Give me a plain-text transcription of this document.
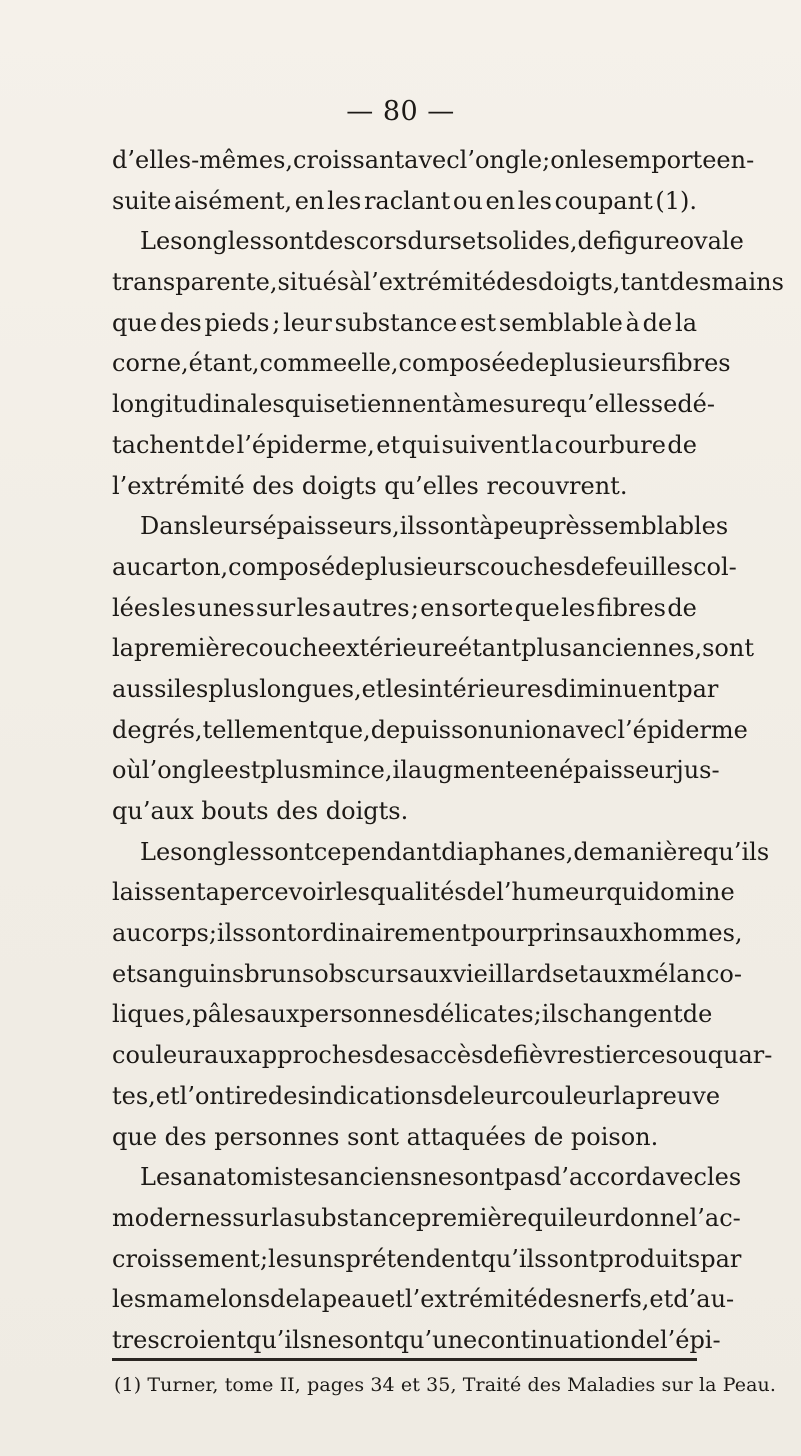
— 80 —
d’elles-mêmes, croissant avec l’ongle ; on les emporte en-
suite aisément, en les raclant ou en les coupant (1).
Les ongles sont des cors durs et solides, de figure ovale
transparente, situés à l’extrémité des doigts, tant des mains
que des pieds ; leur substance est semblable à de la
corne, étant, comme elle, composée de plusieurs fibres
longitudinales qui se tiennent à mesure qu’elles se dé-
tachent de l’épiderme, et qui suivent la courbure de
l’extrémité
des
doigts
qu’elles
recouvrent.
Dans leurs épaisseurs, ils sont à peu près semblables
au carton, composé de plusieurs couches de feuilles col-
lées les unes sur les autres ; en sorte que les fibres de
la première couche extérieure étant plus anciennes, sont
aussi les plus longues, et les intérieures diminuent par
degrés, tellement que, depuis son union avec l’épiderme
où l’ongle est plus mince, il augmente en épaisseur jus-
qu’aux
bouts
des
doigts.
Les ongles sont cependant diaphanes, de manière qu’ils
laissent apercevoir les qualités de l’humeur qui domine
au corps ; ils sont ordinairement pourprins aux hommes,
et sanguins bruns obscurs aux vieillards et aux mélanco-
liques, pâles aux personnes délicates ; ils changent de
couleur aux approches des accès de fièvres tierces ou quar-
tes, et l’on tire des indications de leur couleur la preuve
que
des
personnes
sont
attaquées
de
poison.
Les anatomistes anciens ne sont pas d’accord avec les
modernes sur la substance première qui leur donne l’ac-
croissement ; les uns prétendent qu’ils sont produits par
les mamelons de la peau et l’extrémité des nerfs, et d’au-
tres croient qu’ils ne sont qu’une continuation de l’épi-
(1) Turner, tome II, pages 34 et 35, Traité des Maladies sur la Peau.
